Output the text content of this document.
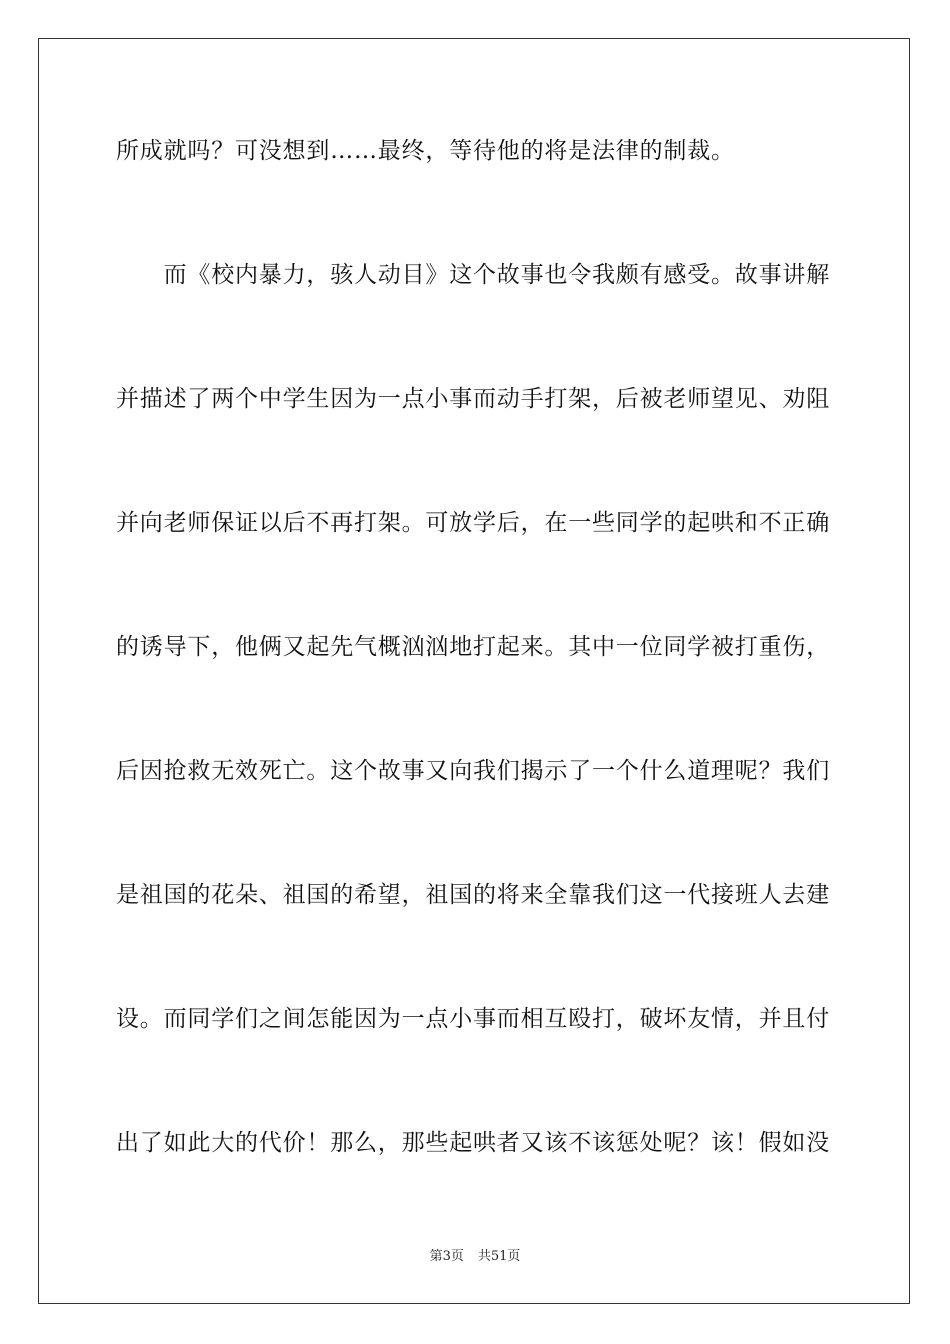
所成就吗？可没想到……最终，等待他的将是法律的制裁。
　　而《校内暴力，骇人动目》这个故事也令我颇有感受。故事讲解
并描述了两个中学生因为一点小事而动手打架，后被老师望见、劝阻
并向老师保证以后不再打架。可放学后，在一些同学的起哄和不正确
的诱导下，他俩又起先气概汹汹地打起来。其中一位同学被打重伤，
后因抢救无效死亡。这个故事又向我们揭示了一个什么道理呢？我们
是祖国的花朵、祖国的希望，祖国的将来全靠我们这一代接班人去建
设。而同学们之间怎能因为一点小事而相互殴打，破坏友情，并且付
出了如此大的代价！那么，那些起哄者又该不该惩处呢？该！假如没
第3页 共51页
